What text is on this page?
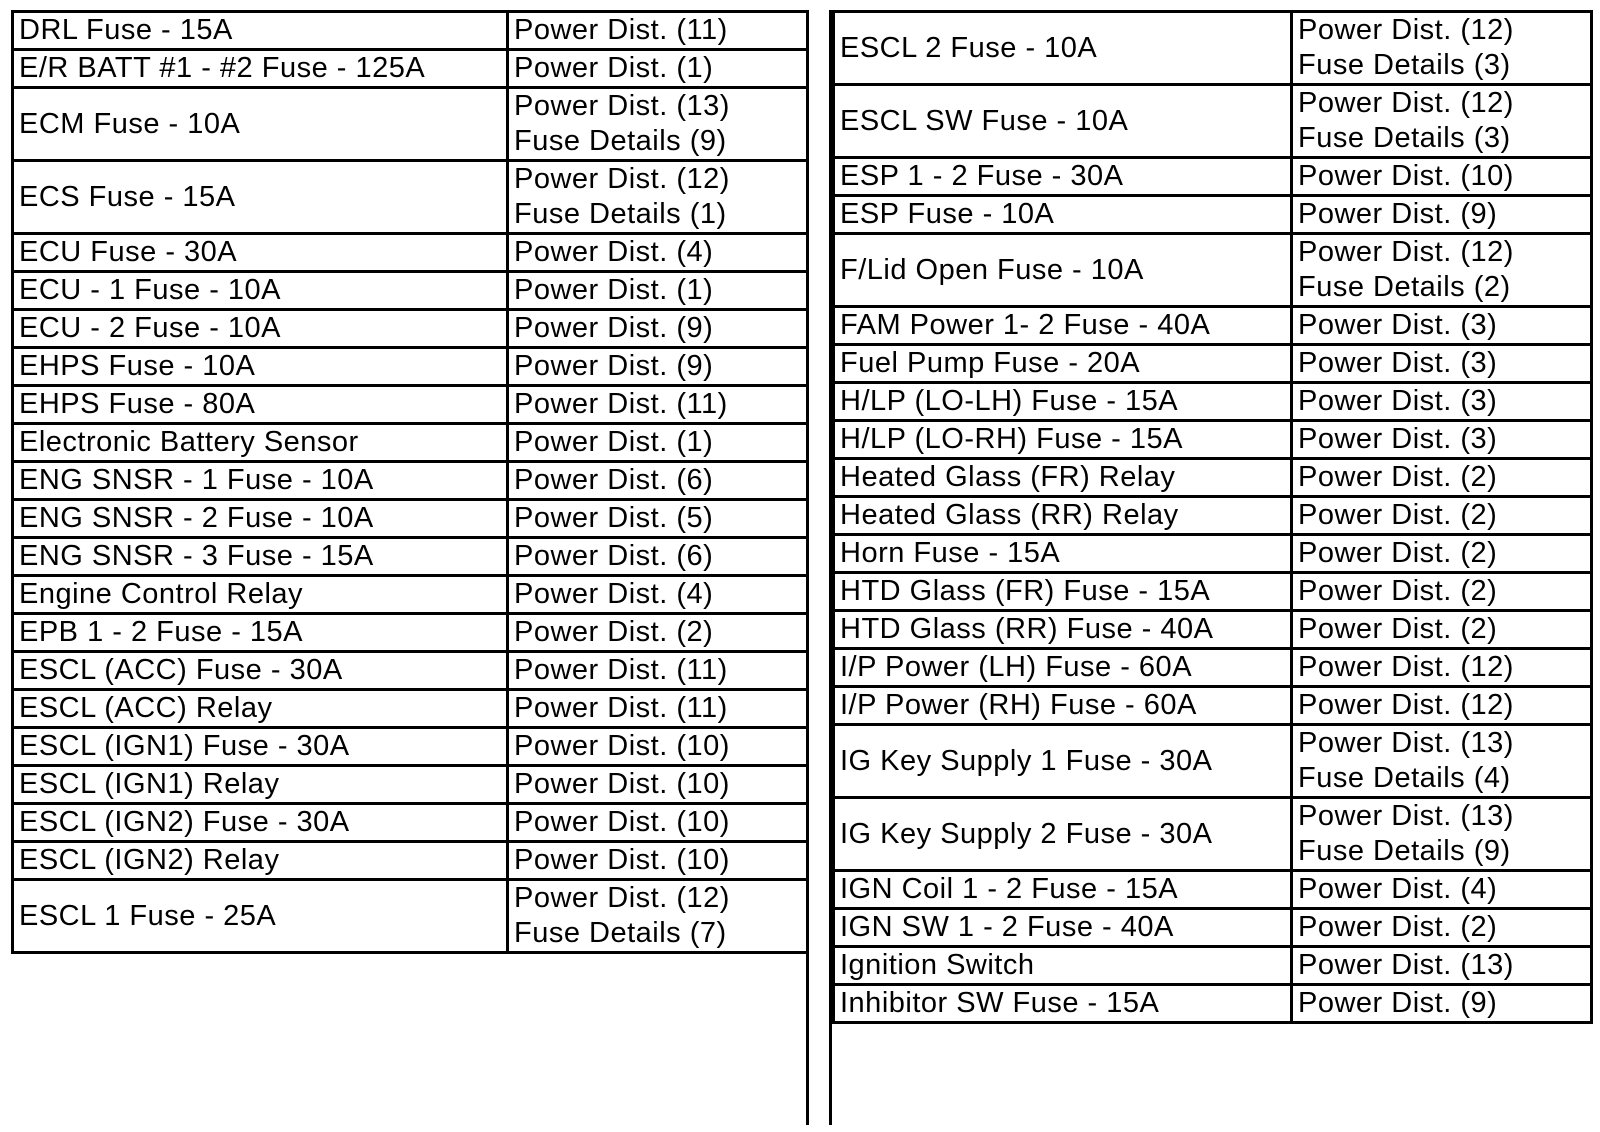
DRL Fuse - 15A	Power Dist. (11)

E/R BATT #1 - #2 Fuse - 125A	Power Dist. (1)

ECM Fuse - 10A	Power Dist. (13)
Fuse Details (9)

ECS Fuse - 15A	Power Dist. (12)
Fuse Details (1)

ECU Fuse - 30A	Power Dist. (4)

ECU - 1 Fuse - 10A	Power Dist. (1)

ECU - 2 Fuse - 10A	Power Dist. (9)

EHPS Fuse - 10A	Power Dist. (9)

EHPS Fuse - 80A	Power Dist. (11)

Electronic Battery Sensor	Power Dist. (1)

ENG SNSR - 1 Fuse - 10A	Power Dist. (6)

ENG SNSR - 2 Fuse - 10A	Power Dist. (5)

ENG SNSR - 3 Fuse - 15A	Power Dist. (6)

Engine Control Relay	Power Dist. (4)

EPB 1 - 2 Fuse - 15A	Power Dist. (2)

ESCL (ACC) Fuse - 30A	Power Dist. (11)

ESCL (ACC) Relay	Power Dist. (11)

ESCL (IGN1) Fuse - 30A	Power Dist. (10)

ESCL (IGN1) Relay	Power Dist. (10)

ESCL (IGN2) Fuse - 30A	Power Dist. (10)

ESCL (IGN2) Relay	Power Dist. (10)

ESCL 1 Fuse - 25A	Power Dist. (12)
Fuse Details (7)
ESCL 2 Fuse - 10A	Power Dist. (12)
Fuse Details (3)

ESCL SW Fuse - 10A	Power Dist. (12)
Fuse Details (3)

ESP 1 - 2 Fuse - 30A	Power Dist. (10)

ESP Fuse - 10A	Power Dist. (9)

F/Lid Open Fuse - 10A	Power Dist. (12)
Fuse Details (2)

FAM Power 1- 2 Fuse - 40A	Power Dist. (3)

Fuel Pump Fuse - 20A	Power Dist. (3)

H/LP (LO-LH) Fuse - 15A	Power Dist. (3)

H/LP (LO-RH) Fuse - 15A	Power Dist. (3)

Heated Glass (FR) Relay	Power Dist. (2)

Heated Glass (RR) Relay	Power Dist. (2)

Horn Fuse - 15A	Power Dist. (2)

HTD Glass (FR) Fuse - 15A	Power Dist. (2)

HTD Glass (RR) Fuse - 40A	Power Dist. (2)

I/P Power (LH) Fuse - 60A	Power Dist. (12)

I/P Power (RH) Fuse - 60A	Power Dist. (12)

IG Key Supply 1 Fuse - 30A	Power Dist. (13)
Fuse Details (4)

IG Key Supply 2 Fuse - 30A	Power Dist. (13)
Fuse Details (9)

IGN Coil 1 - 2 Fuse - 15A	Power Dist. (4)

IGN SW 1 - 2 Fuse - 40A	Power Dist. (2)

Ignition Switch	Power Dist. (13)

Inhibitor SW Fuse - 15A	Power Dist. (9)
